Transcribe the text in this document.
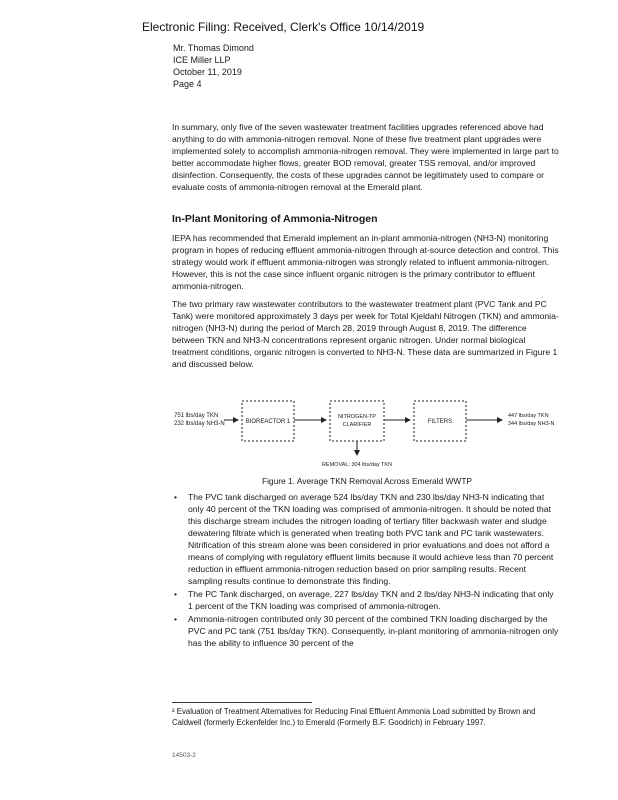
Electronic Filing: Received, Clerk's Office 10/14/2019
Mr. Thomas Dimond
ICE Miller LLP
October 11, 2019
Page 4

In summary, only five of the seven wastewater treatment facilities upgrades referenced above had anything to do with ammonia-nitrogen removal. None of these five treatment plant upgrades were implemented solely to accomplish ammonia-nitrogen removal. They were implemented in large part to better accommodate higher flows, greater BOD removal, greater TSS removal, and/or improved disinfection. Consequently, the costs of these upgrades cannot be legitimately used to compare or evaluate costs of ammonia-nitrogen removal at the Emerald plant.

In-Plant Monitoring of Ammonia-Nitrogen

IEPA has recommended that Emerald implement an in-plant ammonia-nitrogen (NH3-N) monitoring program in hopes of reducing effluent ammonia-nitrogen through at-source detection and control. This strategy would work if effluent ammonia-nitrogen was strongly related to influent ammonia-nitrogen. However, this is not the case since influent organic nitrogen is the primary contributor to effluent ammonia-nitrogen.

The two primary raw wastewater contributors to the wastewater treatment plant (PVC Tank and PC Tank) were monitored approximately 3 days per week for Total Kjeldahl Nitrogen (TKN) and ammonia-nitrogen (NH3-N) during the period of March 28, 2019 through August 8, 2019. The difference between TKN and NH3-N concentrations represent organic nitrogen. Under normal biological treatment conditions, organic nitrogen is converted to NH3-N. These data are summarized in Figure 1 and discussed below.

751 lbs/day TKN
232 lbs/day NH3-N	BIOREACTOR 1
NITROGEN-TP
CLARIFIER	FILTERS
447 lbs/day TKN
344 lbs/day NH3-N
REMOVAL: 304 lbs/day TKN
Figure 1. Average TKN Removal Across Emerald WWTP
• The PVC tank discharged on average 524 lbs/day TKN and 230 lbs/day NH3-N indicating that only 40 percent of the TKN loading was comprised of ammonia-nitrogen. It should be noted that this discharge stream includes the nitrogen loading of tertiary filter backwash water and sludge dewatering filtrate which is generated when treating both PVC tank and PC tank wastewaters. Nitrification of this stream alone was been considered in prior evaluations and does not afford a means of complying with regulatory effluent limits because it would achieve less than 70 percent reduction in effluent ammonia-nitrogen reduction based on prior sampling results. Recent sampling results continue to demonstrate this finding.
• The PC Tank discharged, on average, 227 lbs/day TKN and 2 lbs/day NH3-N indicating that only 1 percent of the TKN loading was comprised of ammonia-nitrogen.
• Ammonia-nitrogen contributed only 30 percent of the combined TKN loading discharged by the PVC and PC tank (751 lbs/day TKN). Consequently, in-plant monitoring of ammonia-nitrogen only has the ability to influence 30 percent of the

² Evaluation of Treatment Alternatives for Reducing Final Effluent Ammonia Load submitted by Brown and Caldwell (formerly Eckenfelder Inc.) to Emerald (Formerly B.F. Goodrich) in February 1997.

14503-2
